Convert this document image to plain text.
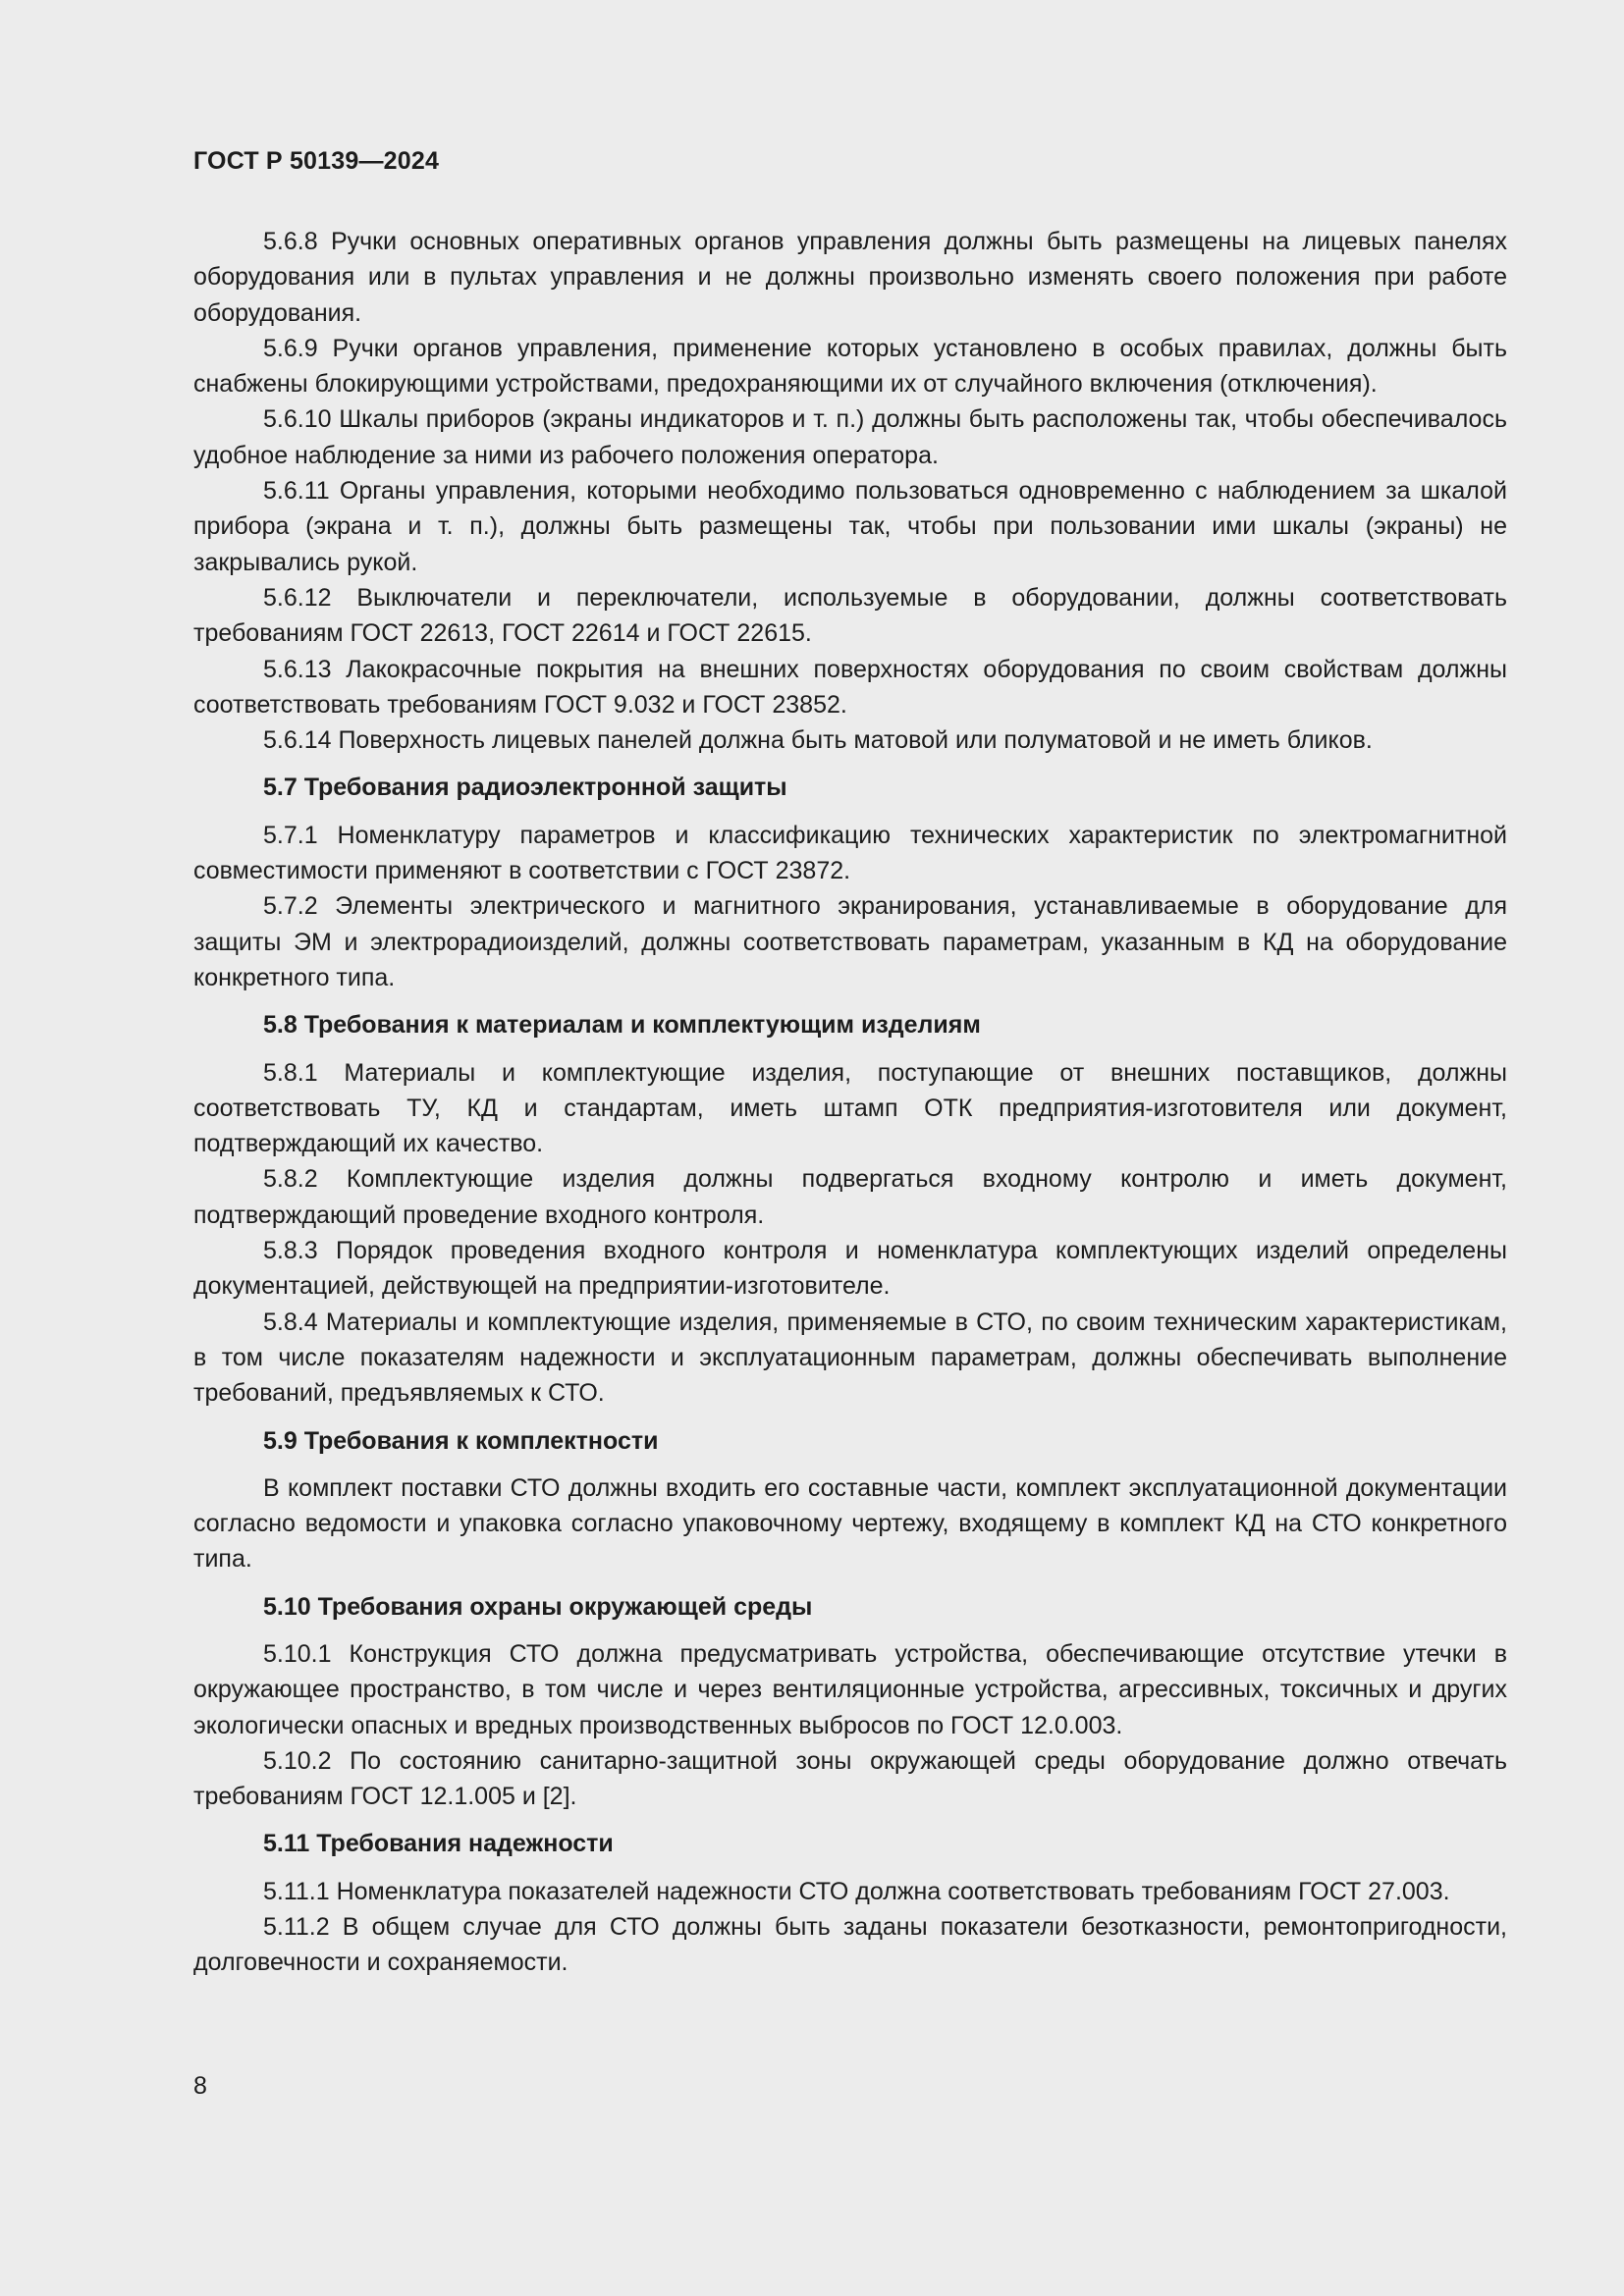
ГОСТ Р 50139—2024

5.6.8 Ручки основных оперативных органов управления должны быть размещены на лицевых панелях оборудования или в пультах управления и не должны произвольно изменять своего положения при работе оборудования.

5.6.9 Ручки органов управления, применение которых установлено в особых правилах, должны быть снабжены блокирующими устройствами, предохраняющими их от случайного включения (отключения).

5.6.10 Шкалы приборов (экраны индикаторов и т. п.) должны быть расположены так, чтобы обеспечивалось удобное наблюдение за ними из рабочего положения оператора.

5.6.11 Органы управления, которыми необходимо пользоваться одновременно с наблюдением за шкалой прибора (экрана и т. п.), должны быть размещены так, чтобы при пользовании ими шкалы (экраны) не закрывались рукой.

5.6.12 Выключатели и переключатели, используемые в оборудовании, должны соответствовать требованиям ГОСТ 22613, ГОСТ 22614 и ГОСТ 22615.

5.6.13 Лакокрасочные покрытия на внешних поверхностях оборудования по своим свойствам должны соответствовать требованиям ГОСТ 9.032 и ГОСТ 23852.

5.6.14 Поверхность лицевых панелей должна быть матовой или полуматовой и не иметь бликов.

5.7 Требования радиоэлектронной защиты

5.7.1 Номенклатуру параметров и классификацию технических характеристик по электромагнитной совместимости применяют в соответствии с ГОСТ 23872.

5.7.2 Элементы электрического и магнитного экранирования, устанавливаемые в оборудование для защиты ЭМ и электрорадиоизделий, должны соответствовать параметрам, указанным в КД на оборудование конкретного типа.

5.8 Требования к материалам и комплектующим изделиям

5.8.1 Материалы и комплектующие изделия, поступающие от внешних поставщиков, должны соответствовать ТУ, КД и стандартам, иметь штамп ОТК предприятия-изготовителя или документ, подтверждающий их качество.

5.8.2 Комплектующие изделия должны подвергаться входному контролю и иметь документ, подтверждающий проведение входного контроля.

5.8.3 Порядок проведения входного контроля и номенклатура комплектующих изделий определены документацией, действующей на предприятии-изготовителе.

5.8.4 Материалы и комплектующие изделия, применяемые в СТО, по своим техническим характеристикам, в том числе показателям надежности и эксплуатационным параметрам, должны обеспечивать выполнение требований, предъявляемых к СТО.

5.9 Требования к комплектности

В комплект поставки СТО должны входить его составные части, комплект эксплуатационной документации согласно ведомости и упаковка согласно упаковочному чертежу, входящему в комплект КД на СТО конкретного типа.

5.10 Требования охраны окружающей среды

5.10.1 Конструкция СТО должна предусматривать устройства, обеспечивающие отсутствие утечки в окружающее пространство, в том числе и через вентиляционные устройства, агрессивных, токсичных и других экологически опасных и вредных производственных выбросов по ГОСТ 12.0.003.

5.10.2 По состоянию санитарно-защитной зоны окружающей среды оборудование должно отвечать требованиям ГОСТ 12.1.005 и [2].

5.11 Требования надежности

5.11.1 Номенклатура показателей надежности СТО должна соответствовать требованиям ГОСТ 27.003.

5.11.2 В общем случае для СТО должны быть заданы показатели безотказности, ремонтопригодности, долговечности и сохраняемости.

8
